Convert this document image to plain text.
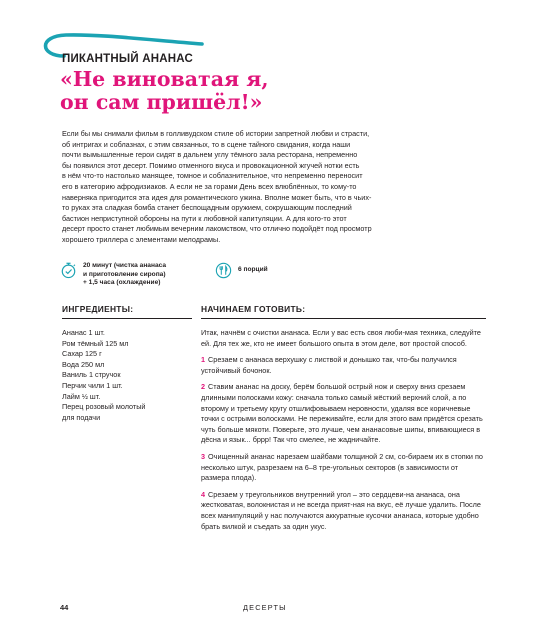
ПИКАНТНЫЙ АНАНАС
«Не виноватая я,
он сам пришёл!»
Если бы мы снимали фильм в голливудском стиле об истории запретной любви и страсти,
об интригах и соблазнах, с этим связанных, то в сцене тайного свидания, когда наши
почти вымышленные герои сидят в дальнем углу тёмного зала ресторана, непременно
бы появился этот десерт. Помимо отменного вкуса и провокационной жгучей нотки есть
в нём что-то настолько манящее, томное и соблазнительное, что непременно переносит
его в категорию афродизиаков. А если не за горами День всех влюблённых, то кому-то
наверняка пригодится эта идея для романтического ужина. Вполне может быть, что в чьих-
то руках эта сладкая бомба станет беспощадным оружием, сокрушающим последний
бастион неприступной обороны на пути к любовной капитуляции. А для кого-то этот
десерт просто станет любимым вечерним лакомством, что отлично подойдёт под просмотр
хорошего триллера с элементами мелодрамы.
20 минут (чистка ананаса
и приготовление сиропа)
+ 1,5 часа (охлаждение)
6 порций
ИНГРЕДИЕНТЫ:
Ананас 1 шт.
Ром тёмный 125 мл
Сахар 125 г
Вода 250 мл
Ваниль 1 стручок
Перчик чили 1 шт.
Лайм ½ шт.
Перец розовый молотый
для подачи
НАЧИНАЕМ ГОТОВИТЬ:

Итак, начнём с очистки ананаса. Если у вас есть своя люби-мая техника, следуйте ей. Для тех же, кто не имеет большого опыта в этом деле, вот простой способ.

1 Срезаем с ананаса верхушку с листвой и донышко так, что-бы получился устойчивый бочонок.

2 Ставим ананас на доску, берём большой острый нож и сверху вниз срезаем длинными полосками кожу: сначала только самый жёсткий верхний слой, а по второму и третьему кругу отшлифовываем неровности, удаляя все коричневые точки с острыми волосками. Не переживайте, если для этого вам придётся срезать чуть больше мякоти. Поверьте, это лучше, чем ананасовые шипы, впивающиеся в дёсна и язык... бррр! Так что смелее, не жадничайте.

3 Очищенный ананас нарезаем шайбами толщиной 2 см, со-бираем их в стопки по несколько штук, разрезаем на 6–8 тре-угольных секторов (в зависимости от размера плода).

4 Срезаем у треугольников внутренний угол – это сердцеви-на ананаса, она жестковатая, волокнистая и не всегда прият-ная на вкус, её лучше удалить. После всех манипуляций у нас получаются аккуратные кусочки ананаса, которые удобно брать вилкой и съедать за один укус.

44	ДЕСЕРТЫ
